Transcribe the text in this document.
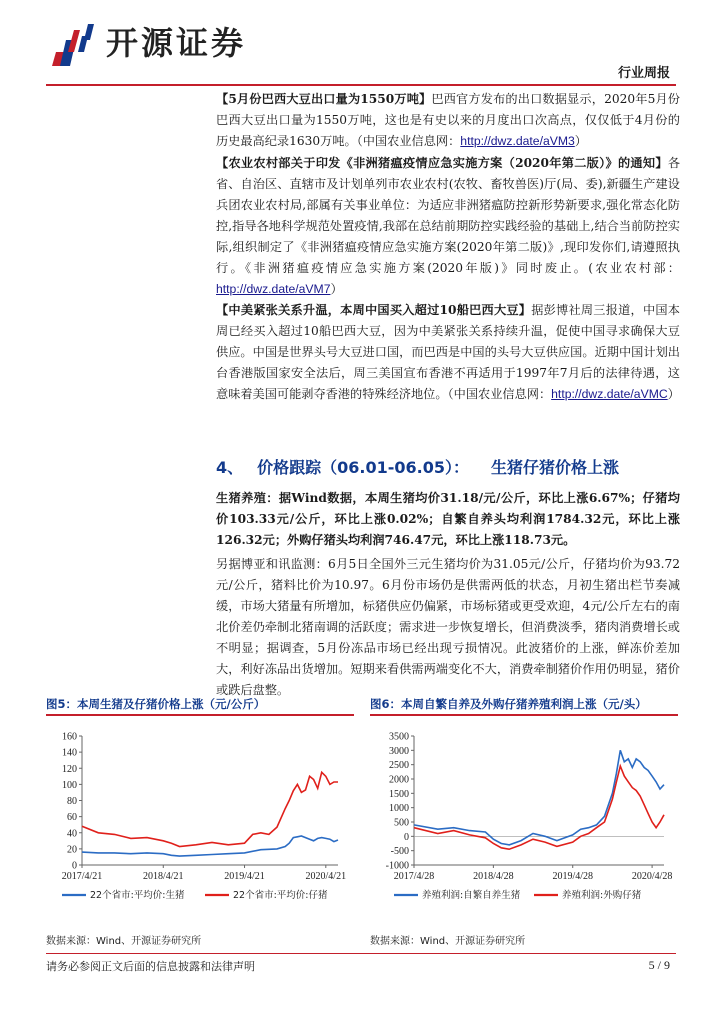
开源证券
行业周报
【5月份巴西大豆出口量为1550万吨】巴西官方发布的出口数据显示，2020年5月份巴西大豆出口量为1550万吨，这也是有史以来的月度出口次高点，仅仅低于4月份的历史最高纪录1630万吨。（中国农业信息网：http://dwz.date/aVM3）
【农业农村部关于印发《非洲猪瘟疫情应急实施方案（2020年第二版）》的通知】各省、自治区、直辖市及计划单列市农业农村(农牧、畜牧兽医)厅(局、委),新疆生产建设兵团农业农村局,部属有关事业单位：为适应非洲猪瘟防控新形势新要求,强化常态化防控,指导各地科学规范处置疫情,我部在总结前期防控实践经验的基础上,结合当前防控实际,组织制定了《非洲猪瘟疫情应急实施方案(2020年第二版)》,现印发你们,请遵照执行。《非洲猪瘟疫情应急实施方案(2020年版)》同时废止。(农业农村部：http://dwz.date/aVM7）
【中美紧张关系升温，本周中国买入超过10船巴西大豆】据彭博社周三报道，中国本周已经买入超过10船巴西大豆，因为中美紧张关系持续升温，促使中国寻求确保大豆供应。中国是世界头号大豆进口国，而巴西是中国的头号大豆供应国。近期中国计划出台香港版国家安全法后，周三美国宣布香港不再适用于1997年7月后的法律待遇，这意味着美国可能剥夺香港的特殊经济地位。（中国农业信息网：http://dwz.date/aVMC）
4、 价格跟踪（06.01-06.05）： 生猪仔猪价格上涨
生猪养殖：据Wind数据，本周生猪均价31.18/元/公斤，环比上涨6.67%；仔猪均价103.33元/公斤，环比上涨0.02%；自繁自养头均利润1784.32元，环比上涨126.32元；外购仔猪头均利润746.47元，环比上涨118.73元。
另据博亚和讯监测：6月5日全国外三元生猪均价为31.05元/公斤，仔猪均价为93.72元/公斤，猪料比价为10.97。6月份市场仍是供需两低的状态，月初生猪出栏节奏减缓，市场大猪量有所增加，标猪供应仍偏紧，市场标猪或更受欢迎，4元/公斤左右的南北价差仍牵制北猪南调的活跃度；需求进一步恢复增长，但消费淡季，猪肉消费增长或不明显；据调查，5月份冻品市场已经出现亏损情况。此波猪价的上涨，鲜冻价差加大，利好冻品出货增加。短期来看供需两端变化不大，消费牵制猪价作用仍明显，猪价或跌后盘整。
图5：本周生猪及仔猪价格上涨（元/公斤）	图6：本周自繁自养及外购仔猪养殖利润上涨（元/头）
0
20
40
60
80
100
120
140
160
2017/4/21	2018/4/21	2019/4/21	2020/4/21
22个省市:平均价:生猪	22个省市:平均价:仔猪
-1000
-500
0
500
1000
1500
2000
2500
3000
3500
2017/4/28	2018/4/28	2019/4/28	2020/4/28
养殖利润:自繁自养生猪	养殖利润:外购仔猪
数据来源：Wind、开源证券研究所	数据来源：Wind、开源证券研究所
请务必参阅正文后面的信息披露和法律声明	5 / 9
